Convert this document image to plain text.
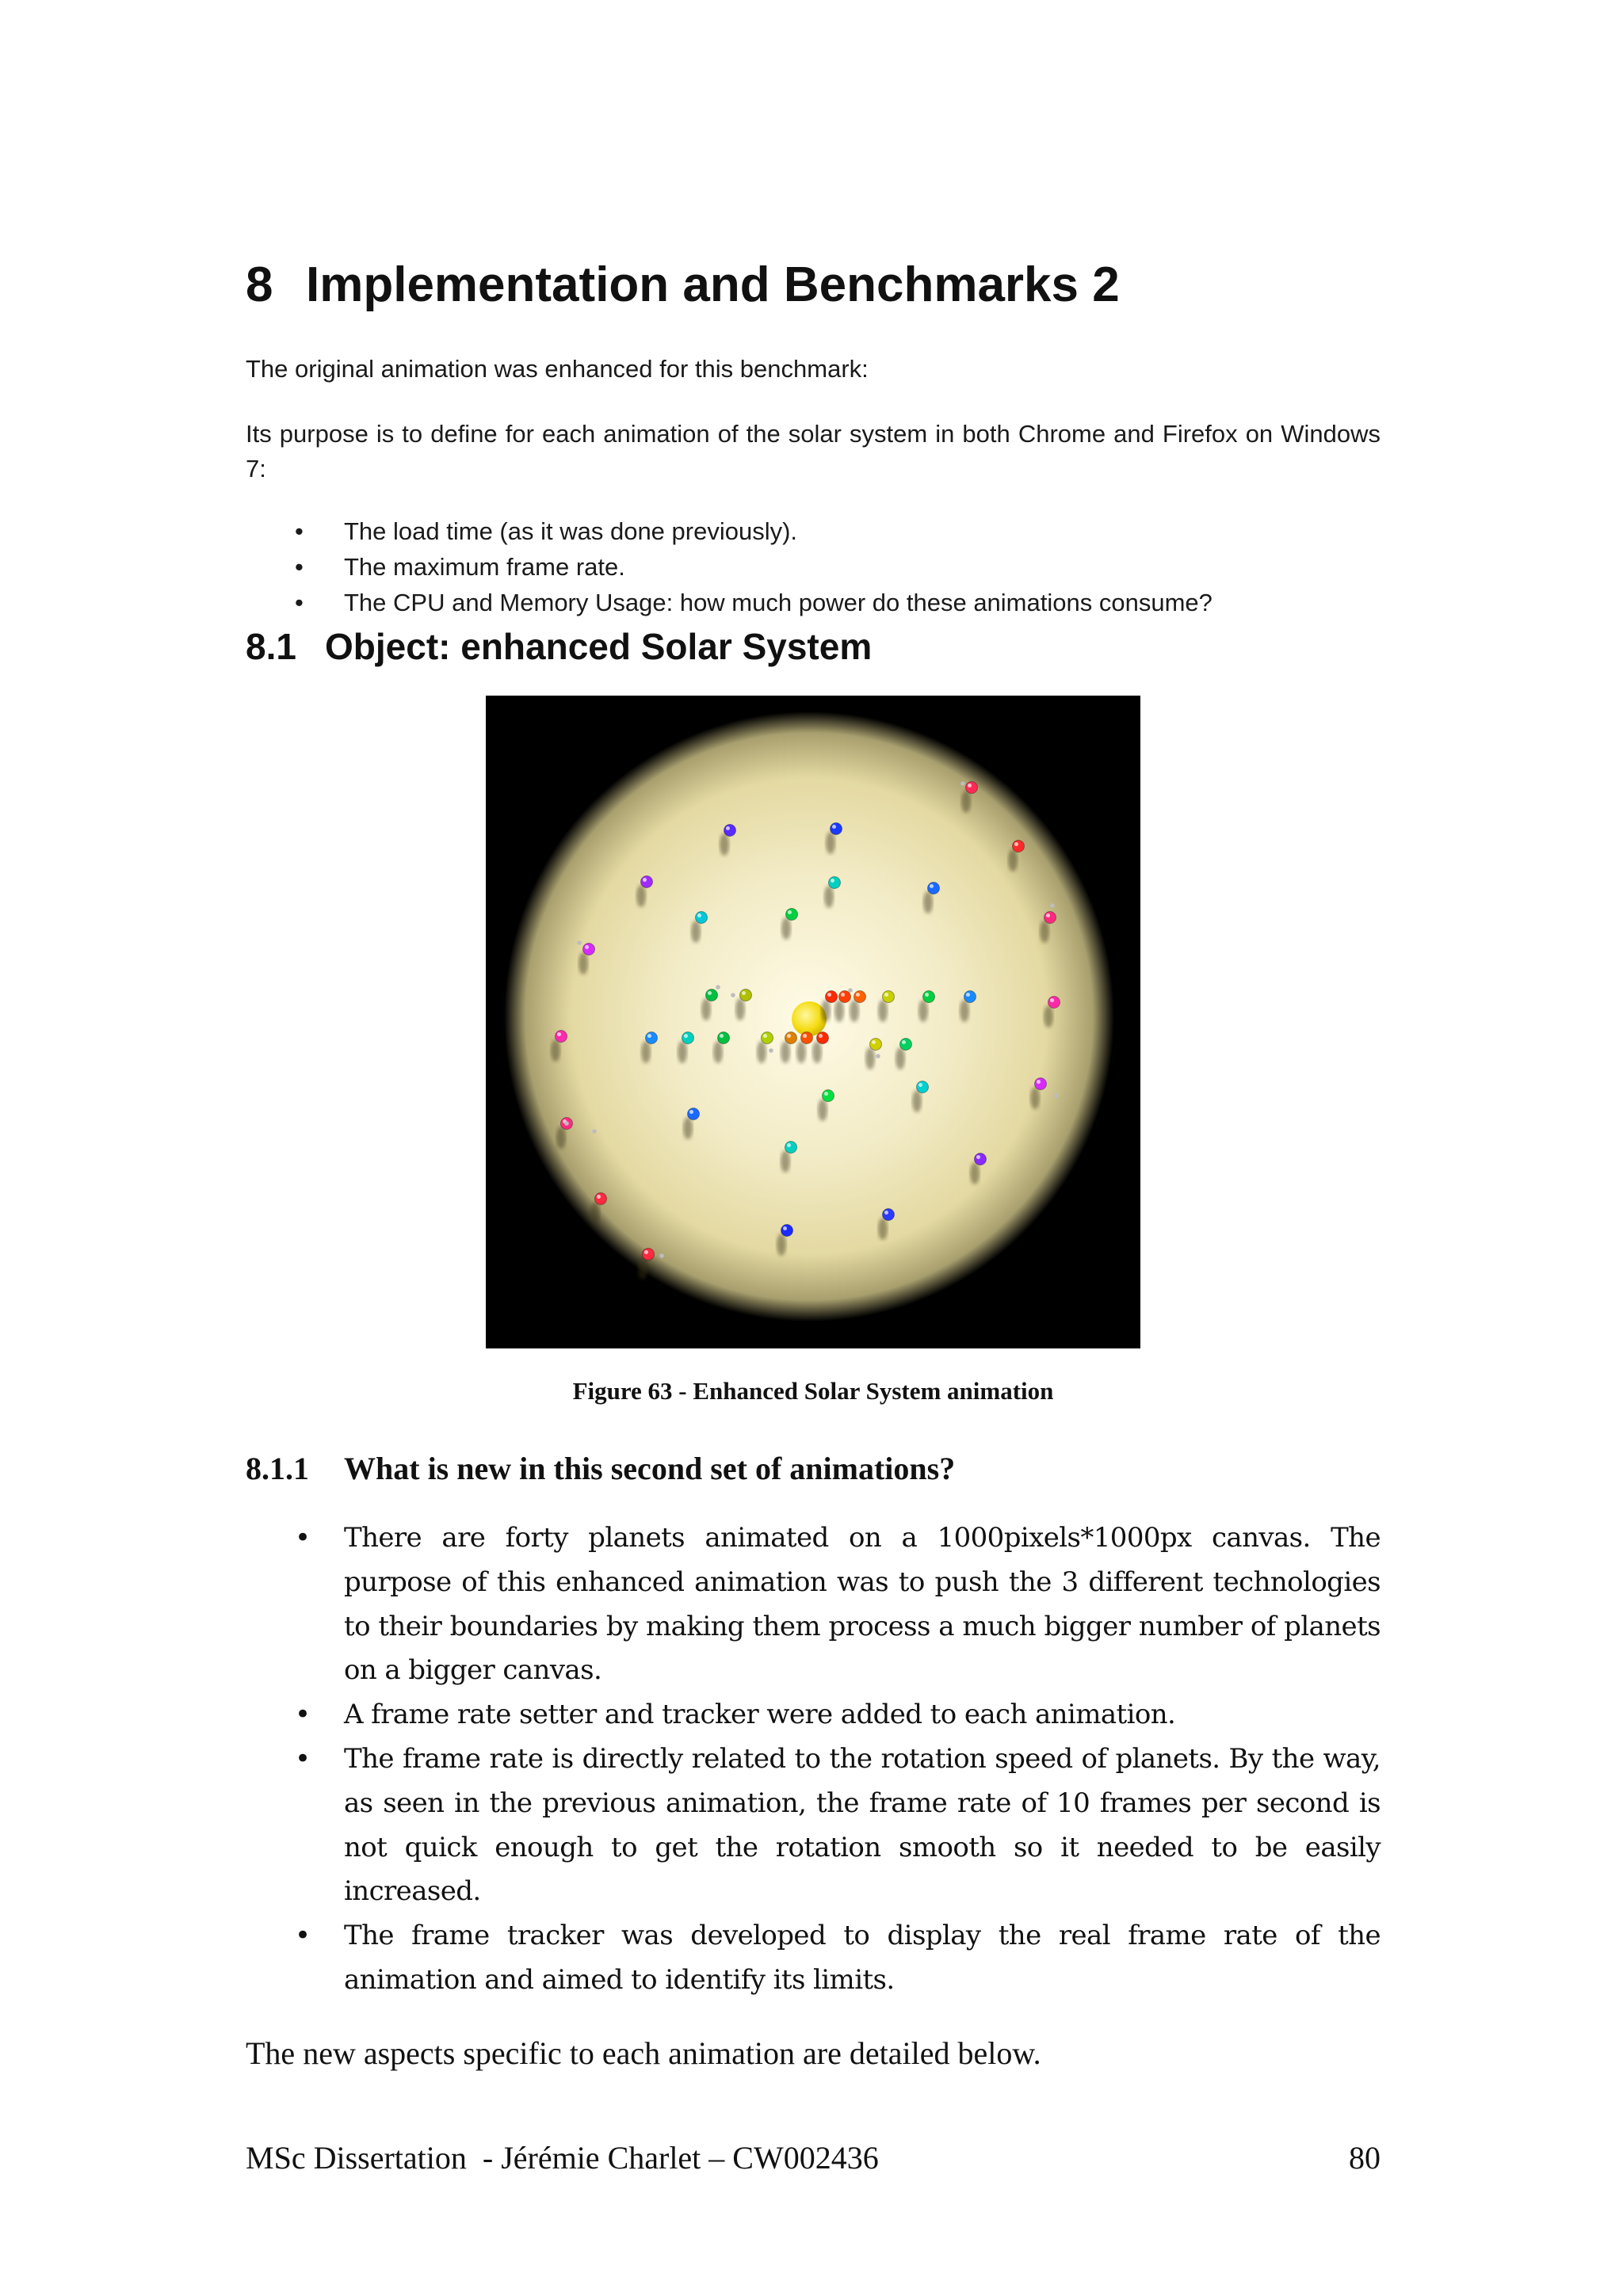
8 Implementation and Benchmarks 2
The original animation was enhanced for this benchmark:
Its purpose is to define for each animation of the solar system in both Chrome and Firefox on Windows 7:
• The load time (as it was done previously).
• The maximum frame rate.
• The CPU and Memory Usage: how much power do these animations consume?
8.1 Object: enhanced Solar System
Figure 63 - Enhanced Solar System animation
8.1.1 What is new in this second set of animations?
• There are forty planets animated on a 1000pixels*1000px canvas. The purpose of this enhanced animation was to push the 3 different technologies to their boundaries by making them process a much bigger number of planets on a bigger canvas.
• A frame rate setter and tracker were added to each animation.
• The frame rate is directly related to the rotation speed of planets. By the way, as seen in the previous animation, the frame rate of 10 frames per second is not quick enough to get the rotation smooth so it needed to be easily increased.
• The frame tracker was developed to display the real frame rate of the animation and aimed to identify its limits.
The new aspects specific to each animation are detailed below.
MSc Dissertation  - Jérémie Charlet – CW002436	80
